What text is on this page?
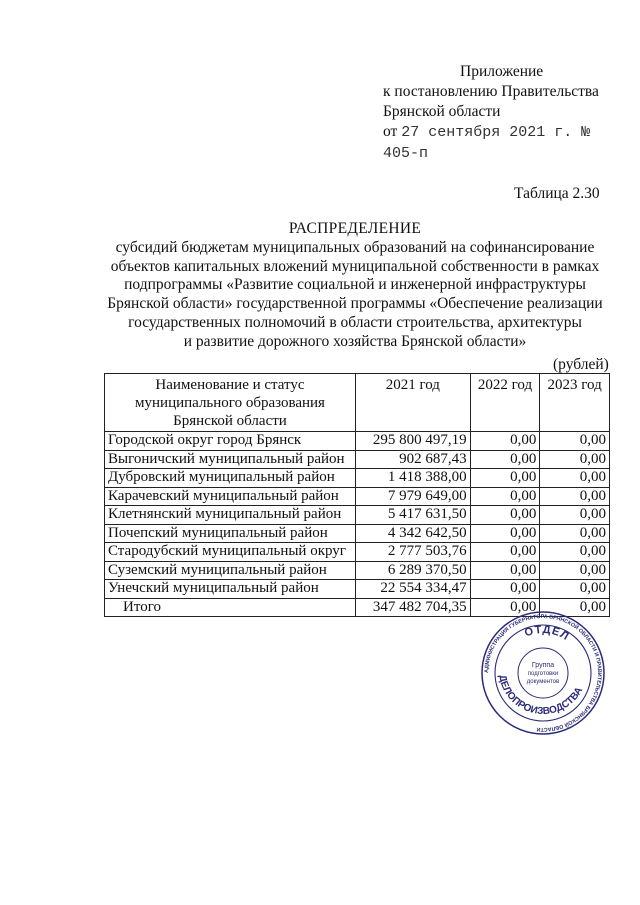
Приложение
к постановлению Правительства
Брянской области
от 27 сентября 2021 г. № 405-п
Таблица 2.30
РАСПРЕДЕЛЕНИЕ
субсидий бюджетам муниципальных образований на софинансирование
объектов капитальных вложений муниципальной собственности в рамках
подпрограммы «Развитие социальной и инженерной инфраструктуры
Брянской области» государственной программы «Обеспечение реализации
государственных полномочий в области строительства, архитектуры
и развитие дорожного хозяйства Брянской области»
(рублей)
Наименование и статус
муниципального образования
Брянской области	2021 год	2022 год	2023 год
Городской округ город Брянск	295 800 497,19	0,00	0,00
Выгоничский муниципальный район	902 687,43	0,00	0,00
Дубровский муниципальный район	1 418 388,00	0,00	0,00
Карачевский муниципальный район	7 979 649,00	0,00	0,00
Клетнянский муниципальный район	5 417 631,50	0,00	0,00
Почепский муниципальный район	4 342 642,50	0,00	0,00
Стародубский муниципальный округ	2 777 503,76	0,00	0,00
Суземский муниципальный район	6 289 370,50	0,00	0,00
Унечский муниципальный район	22 554 334,47	0,00	0,00
Итого	347 482 704,35	0,00	0,00
АДМИНИСТРАЦИЯ ГУБЕРНАТОРА БРЯНСКОЙ ОБЛАСТИ И ПРАВИТЕЛЬСТВА БРЯНСКОЙ ОБЛАСТИ
ОТДЕЛ
ДЕЛОПРОИЗВОДСТВА
Группа
подготовки
документов
